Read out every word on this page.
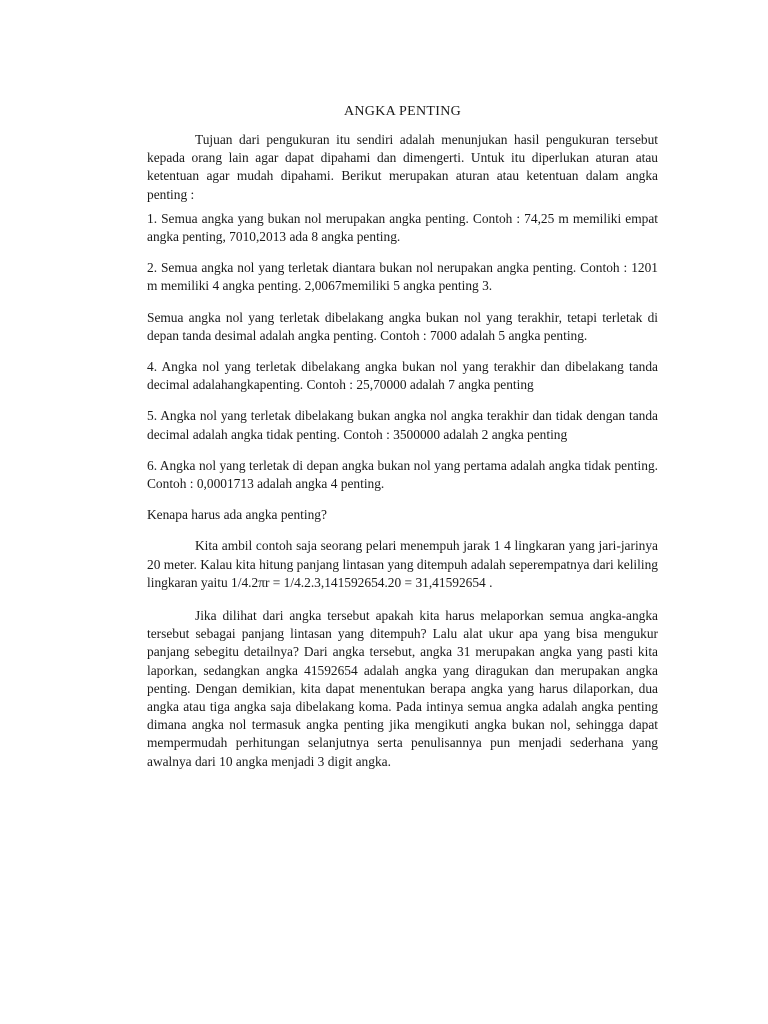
ANGKA PENTING

Tujuan dari pengukuran itu sendiri adalah menunjukan hasil pengukuran tersebut kepada orang lain agar dapat dipahami dan dimengerti. Untuk itu diperlukan aturan atau ketentuan agar mudah dipahami. Berikut merupakan aturan atau ketentuan dalam angka penting :

1. Semua angka yang bukan nol merupakan angka penting. Contoh : 74,25 m memiliki empat angka penting, 7010,2013 ada 8 angka penting.

2. Semua angka nol yang terletak diantara bukan nol nerupakan angka penting. Contoh : 1201 m memiliki 4 angka penting. 2,0067memiliki 5 angka penting 3.

Semua angka nol yang terletak dibelakang angka bukan nol yang terakhir, tetapi terletak di depan tanda desimal adalah angka penting. Contoh : 7000 adalah 5 angka penting.

4. Angka nol yang terletak dibelakang angka bukan nol yang terakhir dan dibelakang tanda decimal adalahangkapenting. Contoh : 25,70000 adalah 7 angka penting

5. Angka nol yang terletak dibelakang bukan angka nol angka terakhir dan tidak dengan tanda decimal adalah angka tidak penting. Contoh : 3500000 adalah 2 angka penting

6. Angka nol yang terletak di depan angka bukan nol yang pertama adalah angka tidak penting. Contoh : 0,0001713 adalah angka 4 penting.

Kenapa harus ada angka penting?

Kita ambil contoh saja seorang pelari menempuh jarak 1 4 lingkaran yang jari-jarinya 20 meter. Kalau kita hitung panjang lintasan yang ditempuh adalah seperempatnya dari keliling lingkaran yaitu 1/4.2πr = 1/4.2.3,141592654.20 = 31,41592654 .

Jika dilihat dari angka tersebut apakah kita harus melaporkan semua angka-angka tersebut sebagai panjang lintasan yang ditempuh? Lalu alat ukur apa yang bisa mengukur panjang sebegitu detailnya? Dari angka tersebut, angka 31 merupakan angka yang pasti kita laporkan, sedangkan angka 41592654 adalah angka yang diragukan dan merupakan angka penting. Dengan demikian, kita dapat menentukan berapa angka yang harus dilaporkan, dua angka atau tiga angka saja dibelakang koma. Pada intinya semua angka adalah angka penting dimana angka nol termasuk angka penting jika mengikuti angka bukan nol, sehingga dapat mempermudah perhitungan selanjutnya serta penulisannya pun menjadi sederhana yang awalnya dari 10 angka menjadi 3 digit angka.
